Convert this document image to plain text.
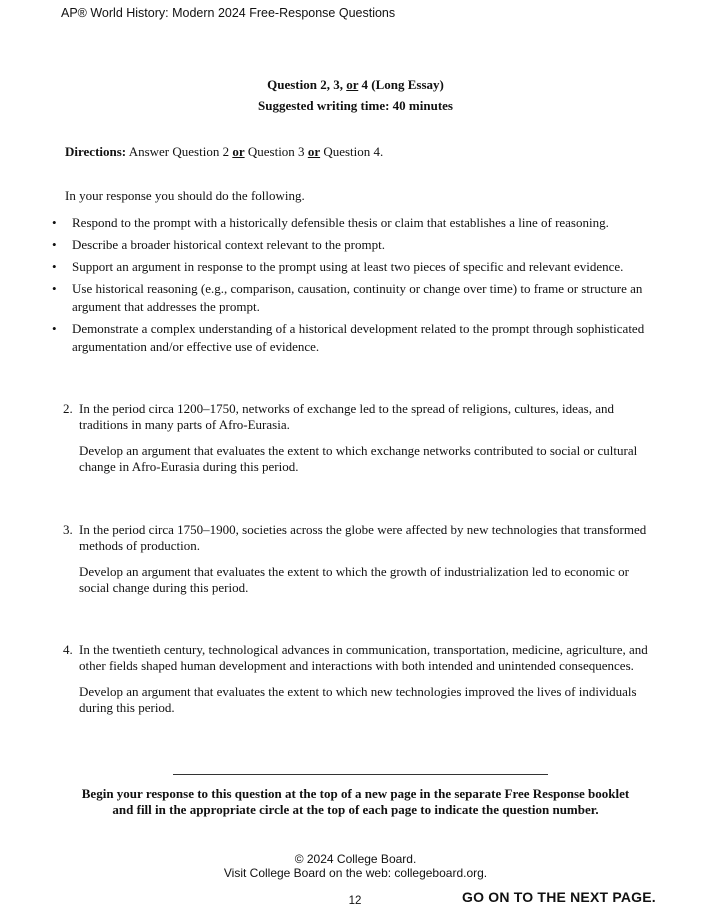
AP® World History: Modern 2024 Free-Response Questions
Question 2, 3, or 4 (Long Essay)
Suggested writing time: 40 minutes
Directions: Answer Question 2 or Question 3 or Question 4.
In your response you should do the following.
• Respond to the prompt with a historically defensible thesis or claim that establishes a line of reasoning.
• Describe a broader historical context relevant to the prompt.
• Support an argument in response to the prompt using at least two pieces of specific and relevant evidence.
• Use historical reasoning (e.g., comparison, causation, continuity or change over time) to frame or structure an argument that addresses the prompt.
• Demonstrate a complex understanding of a historical development related to the prompt through sophisticated argumentation and/or effective use of evidence.
2. In the period circa 1200–1750, networks of exchange led to the spread of religions, cultures, ideas, and traditions in many parts of Afro-Eurasia.
Develop an argument that evaluates the extent to which exchange networks contributed to social or cultural change in Afro-Eurasia during this period.
3. In the period circa 1750–1900, societies across the globe were affected by new technologies that transformed methods of production.
Develop an argument that evaluates the extent to which the growth of industrialization led to economic or social change during this period.
4. In the twentieth century, technological advances in communication, transportation, medicine, agriculture, and other fields shaped human development and interactions with both intended and unintended consequences.
Develop an argument that evaluates the extent to which new technologies improved the lives of individuals during this period.
Begin your response to this question at the top of a new page in the separate Free Response booklet
and fill in the appropriate circle at the top of each page to indicate the question number.
© 2024 College Board.
Visit College Board on the web: collegeboard.org.
12	GO ON TO THE NEXT PAGE.
